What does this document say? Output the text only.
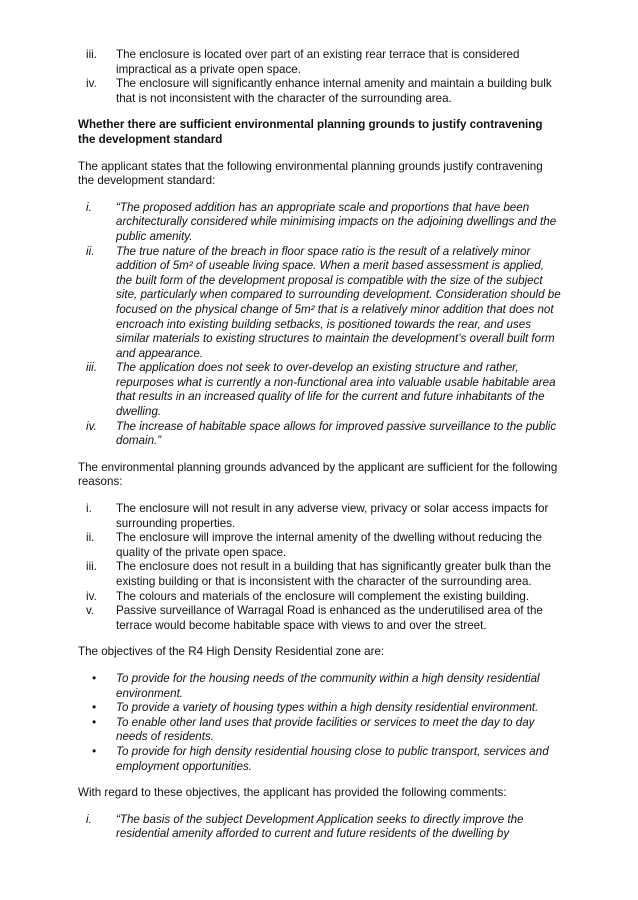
iii. The enclosure is located over part of an existing rear terrace that is considered impractical as a private open space.
iv. The enclosure will significantly enhance internal amenity and maintain a building bulk that is not inconsistent with the character of the surrounding area.
Whether there are sufficient environmental planning grounds to justify contravening the development standard
The applicant states that the following environmental planning grounds justify contravening the development standard:
i. “The proposed addition has an appropriate scale and proportions that have been architecturally considered while minimising impacts on the adjoining dwellings and the public amenity.
ii. The true nature of the breach in floor space ratio is the result of a relatively minor addition of 5m² of useable living space. When a merit based assessment is applied, the built form of the development proposal is compatible with the size of the subject site, particularly when compared to surrounding development. Consideration should be focused on the physical change of 5m² that is a relatively minor addition that does not encroach into existing building setbacks, is positioned towards the rear, and uses similar materials to existing structures to maintain the development’s overall built form and appearance.
iii. The application does not seek to over-develop an existing structure and rather, repurposes what is currently a non-functional area into valuable usable habitable area that results in an increased quality of life for the current and future inhabitants of the dwelling.
iv. The increase of habitable space allows for improved passive surveillance to the public domain.”
The environmental planning grounds advanced by the applicant are sufficient for the following reasons:
i. The enclosure will not result in any adverse view, privacy or solar access impacts for surrounding properties.
ii. The enclosure will improve the internal amenity of the dwelling without reducing the quality of the private open space.
iii. The enclosure does not result in a building that has significantly greater bulk than the existing building or that is inconsistent with the character of the surrounding area.
iv. The colours and materials of the enclosure will complement the existing building.
v. Passive surveillance of Warragal Road is enhanced as the underutilised area of the terrace would become habitable space with views to and over the street.
The objectives of the R4 High Density Residential zone are:
• To provide for the housing needs of the community within a high density residential environment.
• To provide a variety of housing types within a high density residential environment.
• To enable other land uses that provide facilities or services to meet the day to day needs of residents.
• To provide for high density residential housing close to public transport, services and employment opportunities.
With regard to these objectives, the applicant has provided the following comments:
i. “The basis of the subject Development Application seeks to directly improve the residential amenity afforded to current and future residents of the dwelling by
